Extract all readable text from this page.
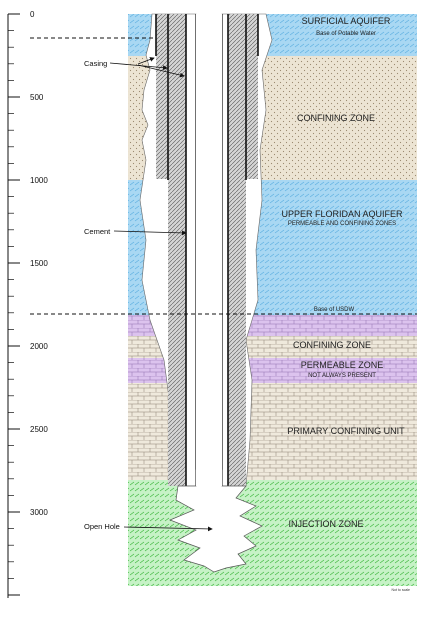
0
500
1000
1500
2000
2500
3000
SURFICIAL AQUIFER
Base of Potable Water
CONFINING ZONE
UPPER FLORIDAN AQUIFER
PERMEABLE AND CONFINING ZONES
Base of USDW
CONFINING ZONE
PERMEABLE ZONE
NOT ALWAYS PRESENT
PRIMARY CONFINING UNIT
INJECTION ZONE
Casing
Cement
Open Hole
Not to scale
